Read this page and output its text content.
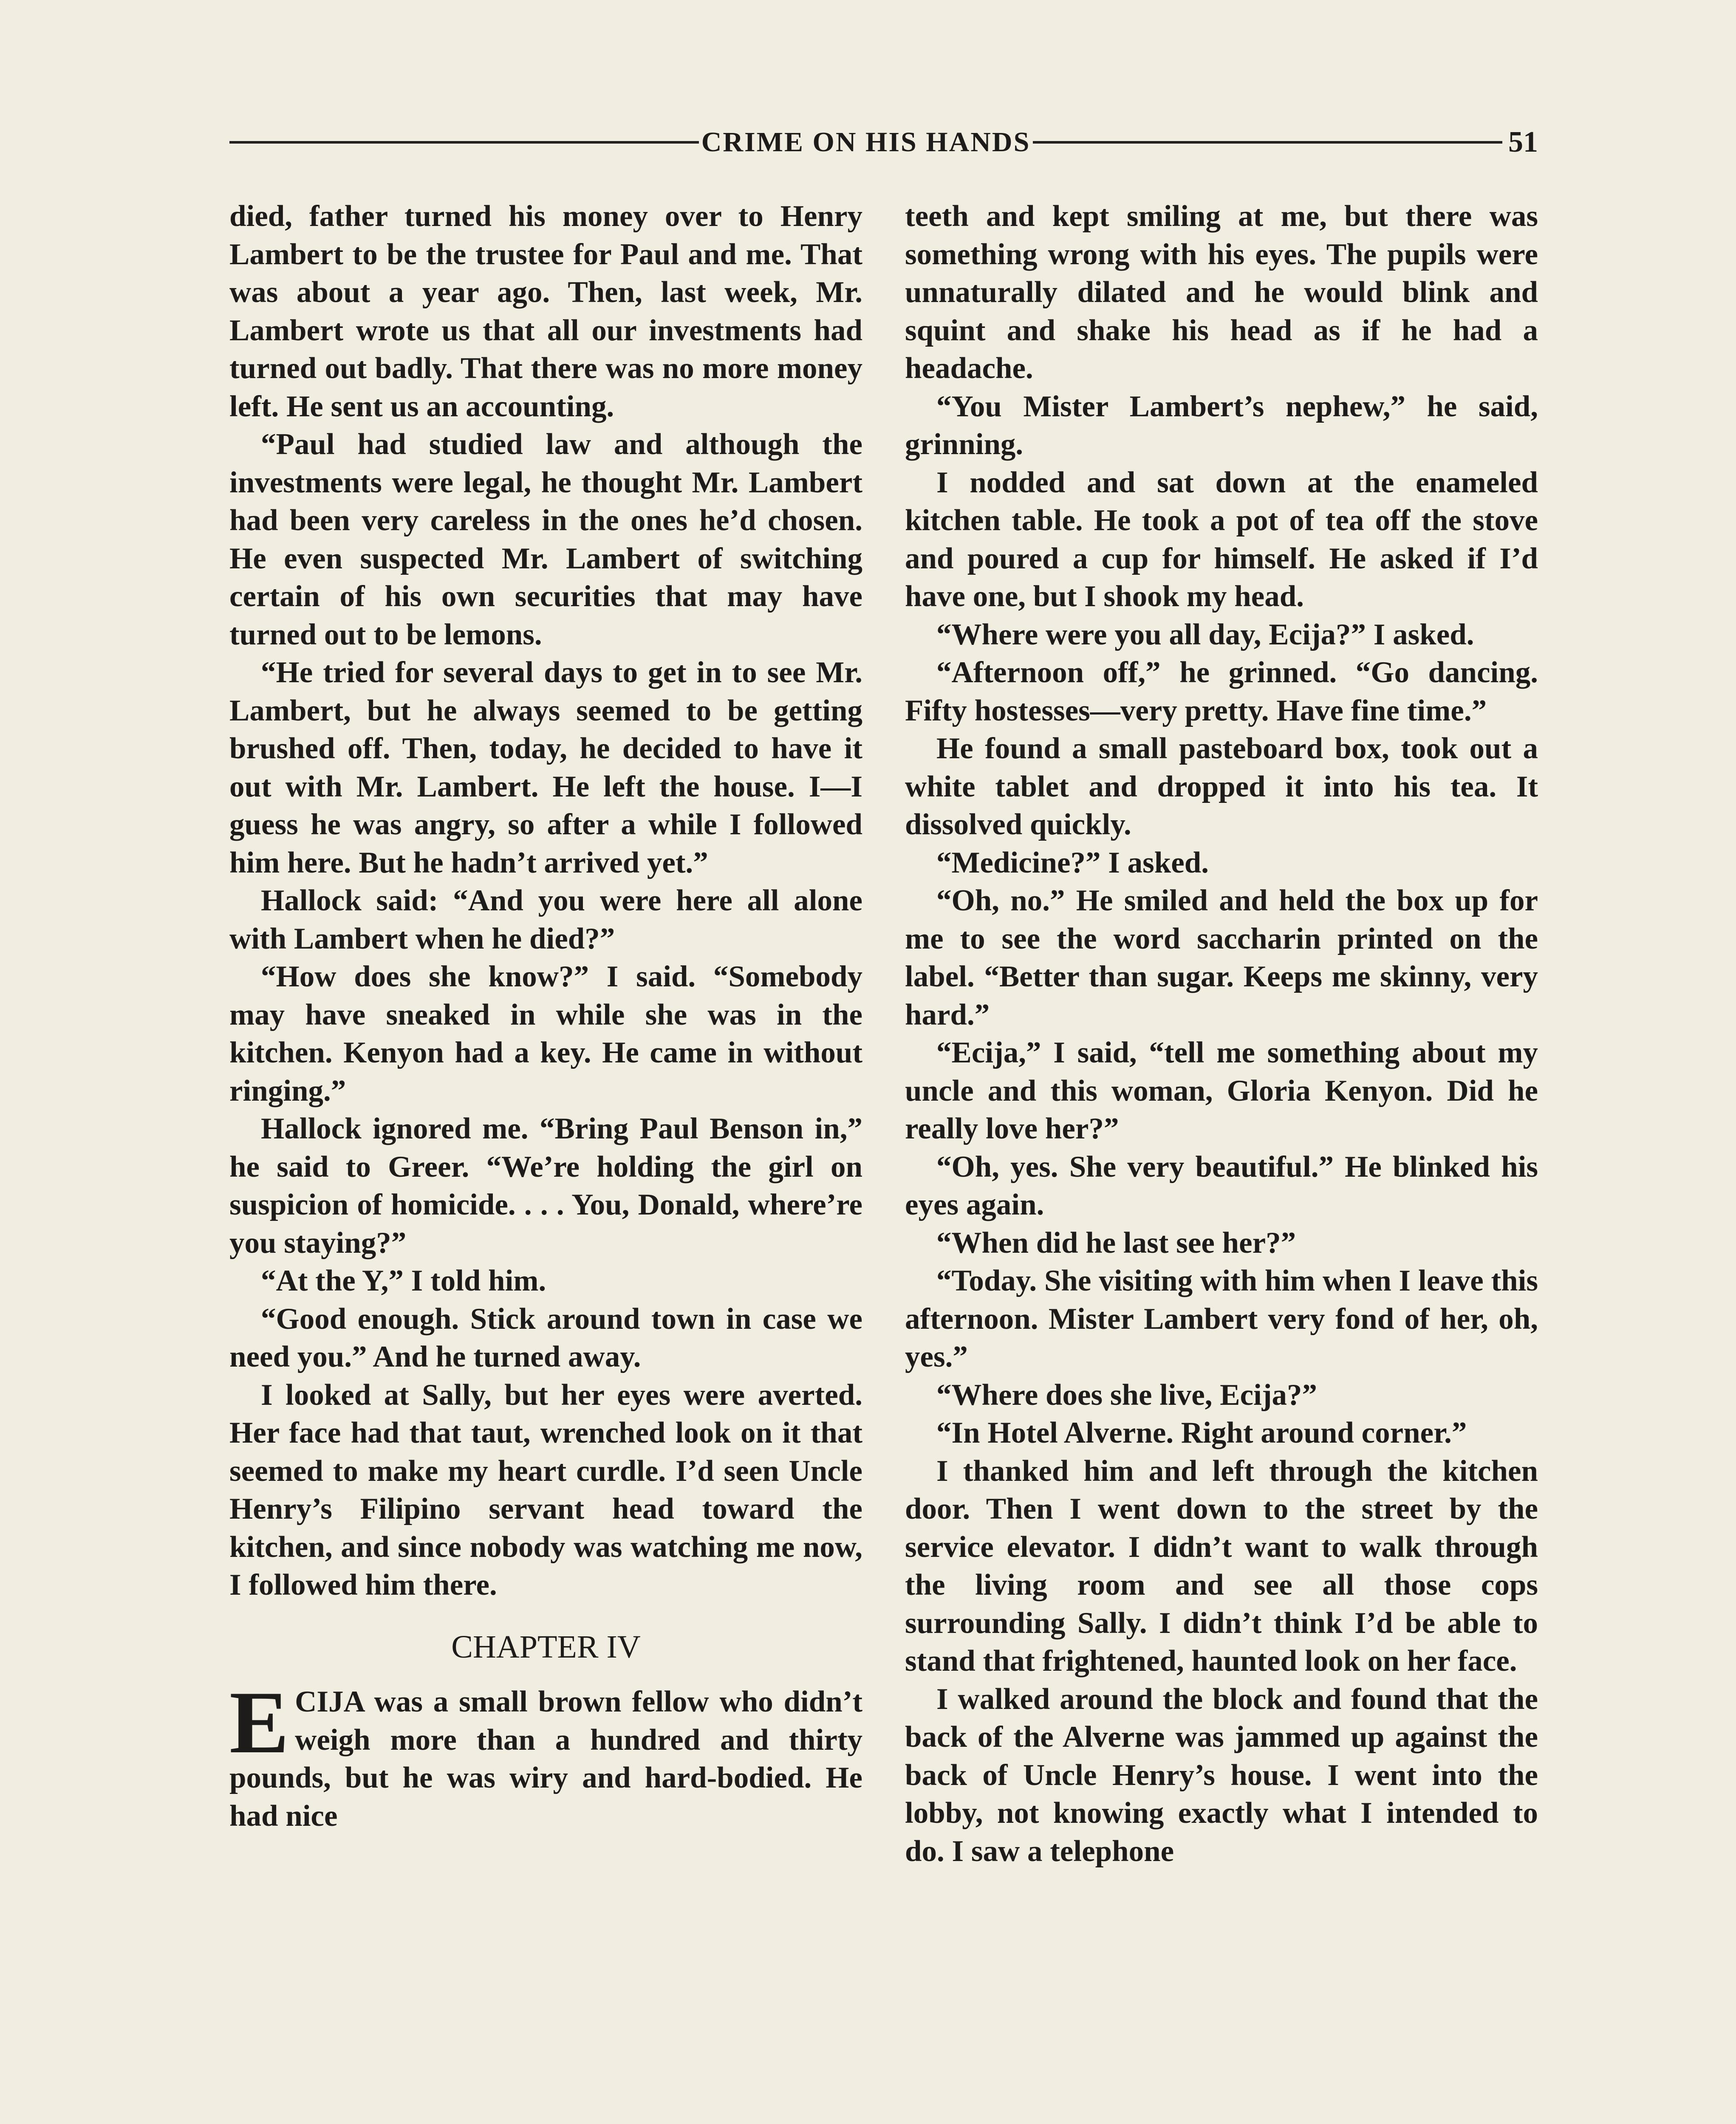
CRIME ON HIS HANDS	51

died, father turned his money over to Henry Lambert to be the trustee for Paul and me. That was about a year ago. Then, last week, Mr. Lambert wrote us that all our investments had turned out badly. That there was no more money left. He sent us an accounting.

“Paul had studied law and although the investments were legal, he thought Mr. Lambert had been very careless in the ones he’d chosen. He even suspected Mr. Lambert of switching certain of his own securities that may have turned out to be lemons.

“He tried for several days to get in to see Mr. Lambert, but he always seemed to be getting brushed off. Then, today, he decided to have it out with Mr. Lambert. He left the house. I—I guess he was angry, so after a while I followed him here. But he hadn’t arrived yet.”

Hallock said: “And you were here all alone with Lambert when he died?”

“How does she know?” I said. “Somebody may have sneaked in while she was in the kitchen. Kenyon had a key. He came in without ringing.”

Hallock ignored me. “Bring Paul Benson in,” he said to Greer. “We’re holding the girl on suspicion of homicide. . . . You, Donald, where’re you staying?”

“At the Y,” I told him.

“Good enough. Stick around town in case we need you.” And he turned away.

I looked at Sally, but her eyes were averted. Her face had that taut, wrenched look on it that seemed to make my heart curdle. I’d seen Uncle Henry’s Filipino servant head toward the kitchen, and since nobody was watching me now, I followed him there.

CHAPTER IV

ECIJA was a small brown fellow who didn’t weigh more than a hundred and thirty pounds, but he was wiry and hard-bodied. He had nice

teeth and kept smiling at me, but there was something wrong with his eyes. The pupils were unnaturally dilated and he would blink and squint and shake his head as if he had a headache.

“You Mister Lambert’s nephew,” he said, grinning.

I nodded and sat down at the enameled kitchen table. He took a pot of tea off the stove and poured a cup for himself. He asked if I’d have one, but I shook my head.

“Where were you all day, Ecija?” I asked.

“Afternoon off,” he grinned. “Go dancing. Fifty hostesses—very pretty. Have fine time.”

He found a small pasteboard box, took out a white tablet and dropped it into his tea. It dissolved quickly.

“Medicine?” I asked.

“Oh, no.” He smiled and held the box up for me to see the word saccharin printed on the label. “Better than sugar. Keeps me skinny, very hard.”

“Ecija,” I said, “tell me something about my uncle and this woman, Gloria Kenyon. Did he really love her?”

“Oh, yes. She very beautiful.” He blinked his eyes again.

“When did he last see her?”

“Today. She visiting with him when I leave this afternoon. Mister Lambert very fond of her, oh, yes.”

“Where does she live, Ecija?”

“In Hotel Alverne. Right around corner.”

I thanked him and left through the kitchen door. Then I went down to the street by the service elevator. I didn’t want to walk through the living room and see all those cops surrounding Sally. I didn’t think I’d be able to stand that frightened, haunted look on her face.

I walked around the block and found that the back of the Alverne was jammed up against the back of Uncle Henry’s house. I went into the lobby, not knowing exactly what I intended to do. I saw a telephone
